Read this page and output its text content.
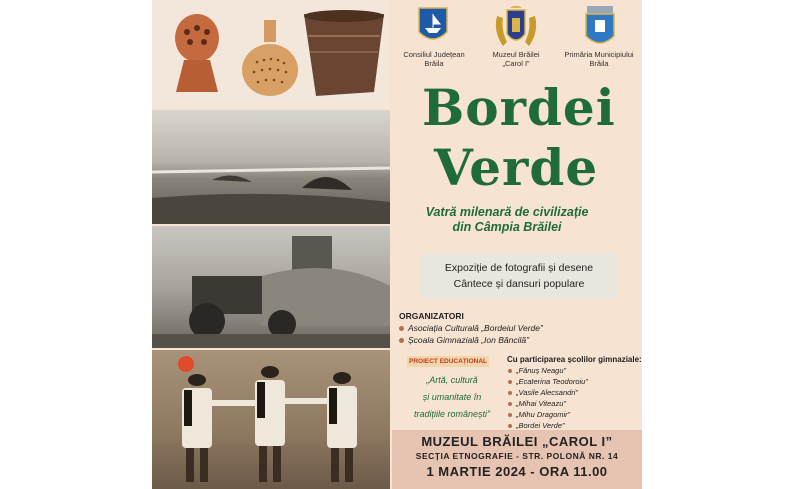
Consiliul Județean
Brăila
Muzeul Brăilei
„Carol I”
Primăria Municipiului
Brăila
Bordei
Verde
Vatră milenară de civilizație
din Câmpia Brăilei
Expoziție de fotografii și desene
Cântece și dansuri populare
ORGANIZATORI
Asociația Culturală „Bordeiul Verde”
Școala Gimnazială „Ion Băncilă”
PROIECT EDUCAȚIONAL
„Artă, cultură
și umanitate în
tradițiile românești”
Cu participarea școlilor gimnaziale:
„Fănuș Neagu”
„Ecaterina Teodoroiu”
„Vasile Alecsandri”
„Mihai Viteazu”
„Mihu Dragomir”
„Bordei Verde”
MUZEUL BRĂILEI „CAROL I”
SECȚIA ETNOGRAFIE - STR. POLONĂ NR. 14
1 MARTIE 2024 - ORA 11.00
